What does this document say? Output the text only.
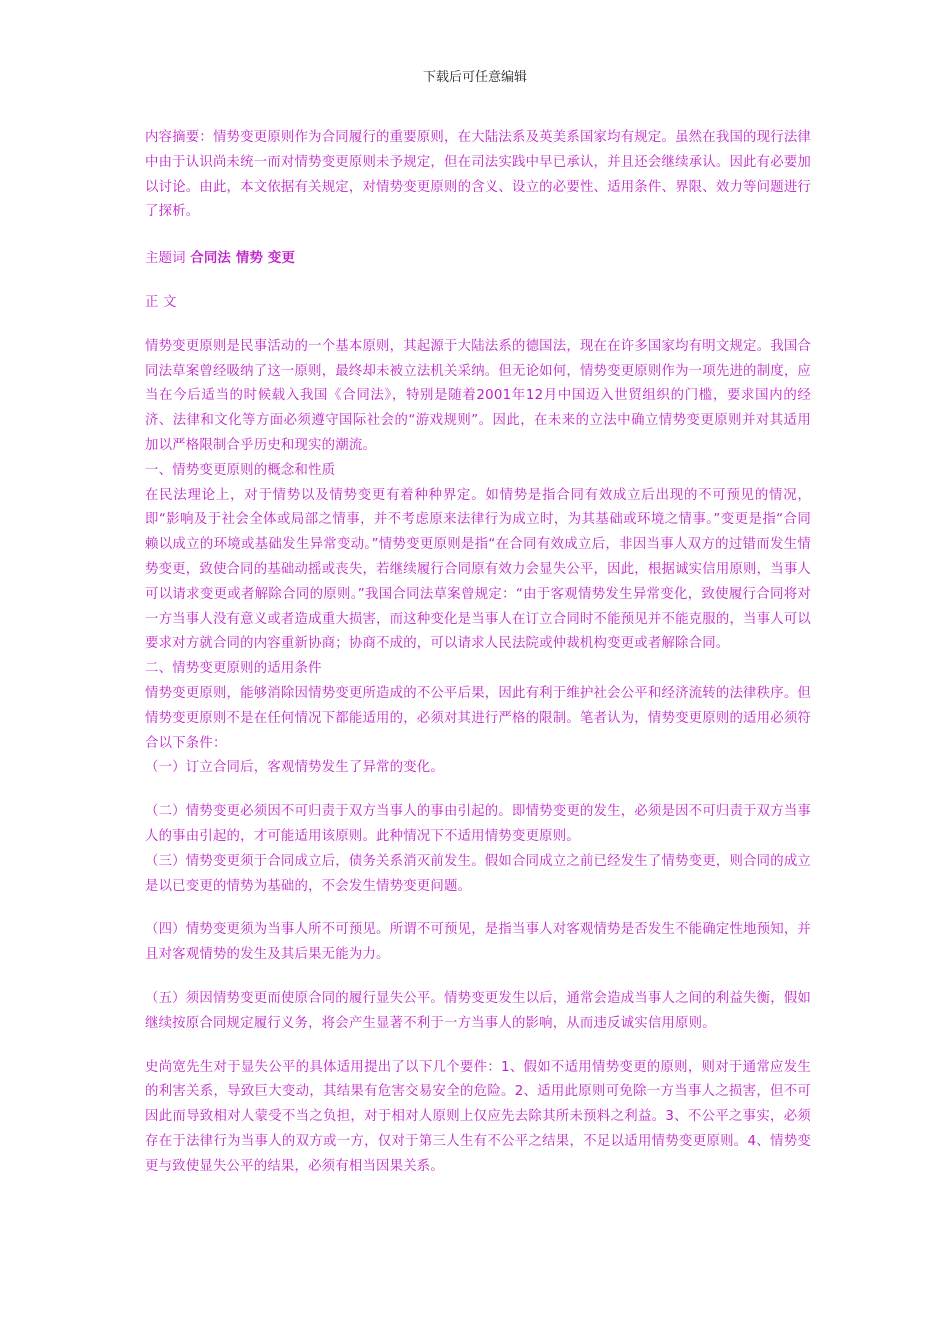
下载后可任意编辑

内容摘要：情势变更原则作为合同履行的重要原则，在大陆法系及英美系国家均有规定。虽然在我国的现行法律中由于认识尚未统一而对情势变更原则未予规定，但在司法实践中早已承认，并且还会继续承认。因此有必要加以讨论。由此，本文依据有关规定，对情势变更原则的含义、设立的必要性、适用条件、界限、效力等问题进行了探析。

主题词 合同法 情势 变更

正 文

情势变更原则是民事活动的一个基本原则，其起源于大陆法系的德国法，现在在许多国家均有明文规定。我国合同法草案曾经吸纳了这一原则，最终却未被立法机关采纳。但无论如何，情势变更原则作为一项先进的制度，应当在今后适当的时候载入我国《合同法》，特别是随着2001年12月中国迈入世贸组织的门槛，要求国内的经济、法律和文化等方面必须遵守国际社会的“游戏规则”。因此，在未来的立法中确立情势变更原则并对其适用加以严格限制合乎历史和现实的潮流。

一、情势变更原则的概念和性质

在民法理论上，对于情势以及情势变更有着种种界定。如情势是指合同有效成立后出现的不可预见的情况，即“影响及于社会全体或局部之情事，并不考虑原来法律行为成立时，为其基础或环境之情事。”变更是指“合同赖以成立的环境或基础发生异常变动。”情势变更原则是指“在合同有效成立后，非因当事人双方的过错而发生情势变更，致使合同的基础动摇或丧失，若继续履行合同原有效力会显失公平，因此，根据诚实信用原则，当事人可以请求变更或者解除合同的原则。”我国合同法草案曾规定：“由于客观情势发生异常变化，致使履行合同将对一方当事人没有意义或者造成重大损害，而这种变化是当事人在订立合同时不能预见并不能克服的，当事人可以要求对方就合同的内容重新协商；协商不成的，可以请求人民法院或仲裁机构变更或者解除合同。

二、情势变更原则的适用条件

情势变更原则，能够消除因情势变更所造成的不公平后果，因此有利于维护社会公平和经济流转的法律秩序。但情势变更原则不是在任何情况下都能适用的，必须对其进行严格的限制。笔者认为，情势变更原则的适用必须符合以下条件：

（一）订立合同后，客观情势发生了异常的变化。

（二）情势变更必须因不可归责于双方当事人的事由引起的。即情势变更的发生，必须是因不可归责于双方当事人的事由引起的，才可能适用该原则。此种情况下不适用情势变更原则。

（三）情势变更须于合同成立后，债务关系消灭前发生。假如合同成立之前已经发生了情势变更，则合同的成立是以已变更的情势为基础的，不会发生情势变更问题。

（四）情势变更须为当事人所不可预见。所谓不可预见，是指当事人对客观情势是否发生不能确定性地预知，并且对客观情势的发生及其后果无能为力。

（五）须因情势变更而使原合同的履行显失公平。情势变更发生以后，通常会造成当事人之间的利益失衡，假如继续按原合同规定履行义务，将会产生显著不利于一方当事人的影响，从而违反诚实信用原则。

史尚宽先生对于显失公平的具体适用提出了以下几个要件：1、假如不适用情势变更的原则，则对于通常应发生的利害关系，导致巨大变动，其结果有危害交易安全的危险。2、适用此原则可免除一方当事人之损害，但不可因此而导致相对人蒙受不当之负担，对于相对人原则上仅应先去除其所未预料之利益。3、不公平之事实，必须存在于法律行为当事人的双方或一方，仅对于第三人生有不公平之结果，不足以适用情势变更原则。4、情势变更与致使显失公平的结果，必须有相当因果关系。
